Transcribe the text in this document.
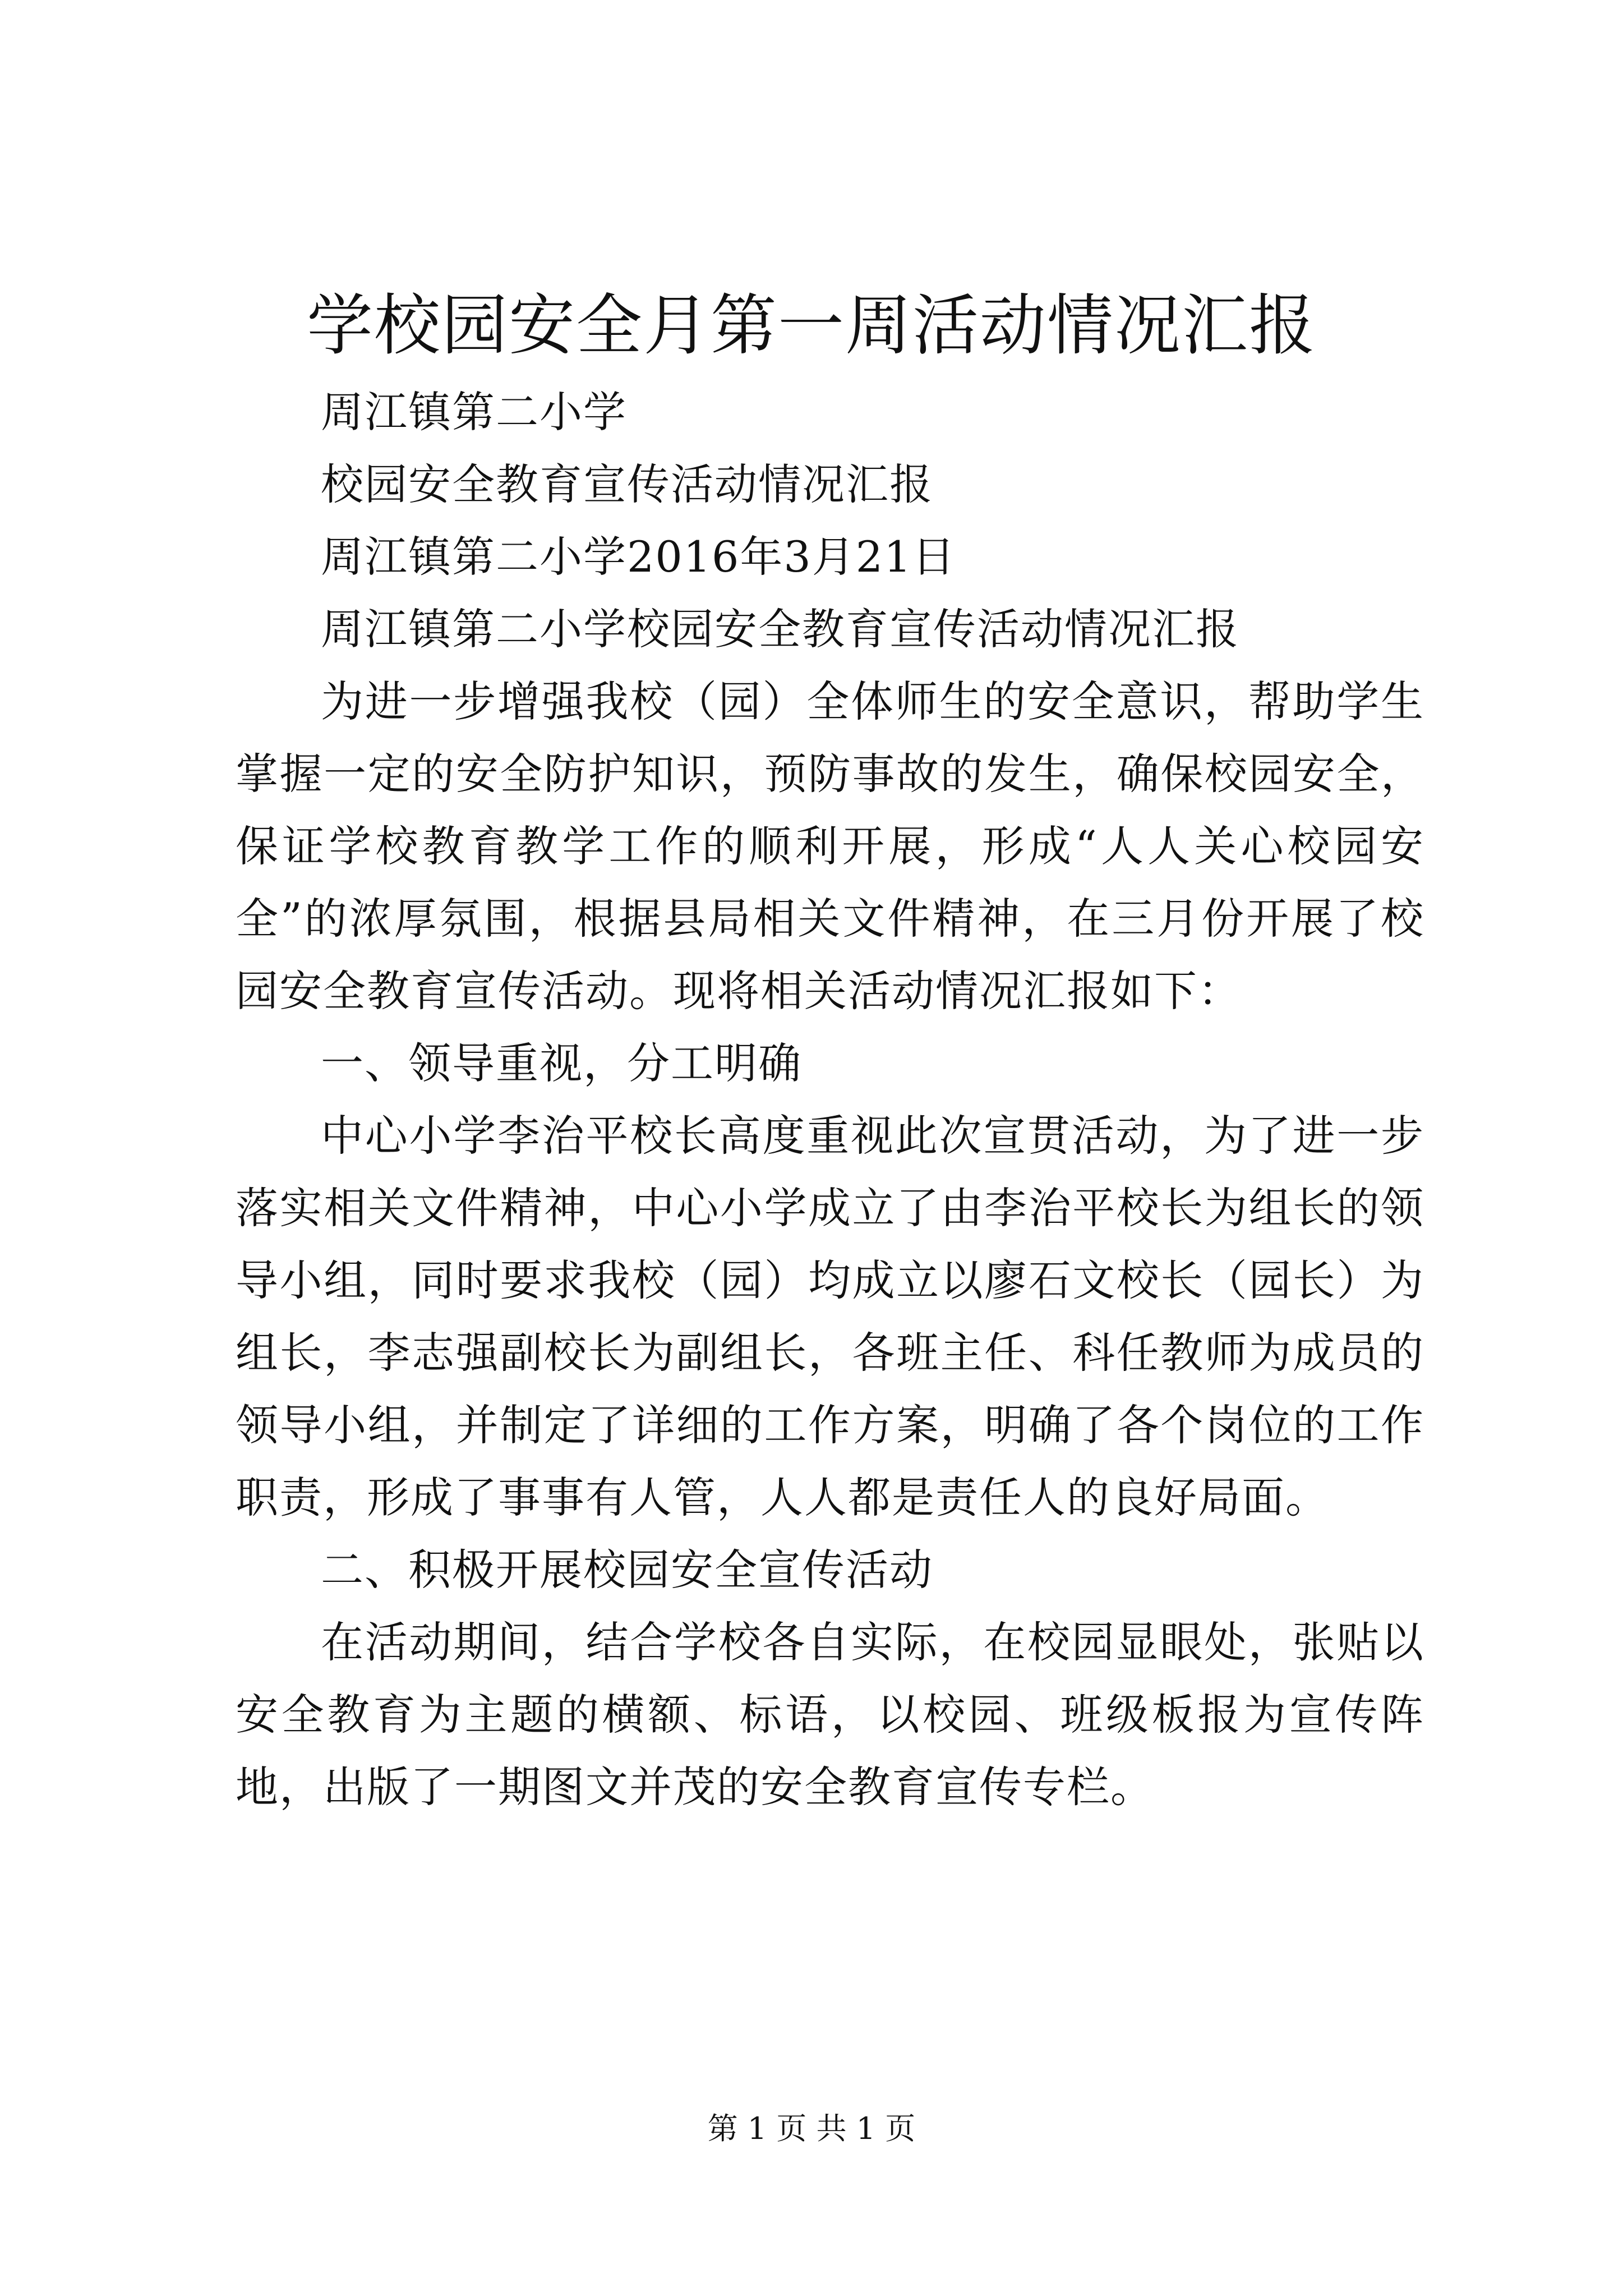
学校园安全月第一周活动情况汇报

周江镇第二小学

校园安全教育宣传活动情况汇报

周江镇第二小学2016年3月21日

周江镇第二小学校园安全教育宣传活动情况汇报

为进一步增强我校（园）全体师生的安全意识，帮助学生掌握一定的安全防护知识，预防事故的发生，确保校园安全，保证学校教育教学工作的顺利开展，形成“人人关心校园安全”的浓厚氛围，根据县局相关文件精神，在三月份开展了校园安全教育宣传活动。现将相关活动情况汇报如下：

一、领导重视，分工明确

中心小学李治平校长高度重视此次宣贯活动，为了进一步落实相关文件精神，中心小学成立了由李治平校长为组长的领导小组，同时要求我校（园）均成立以廖石文校长（园长）为组长，李志强副校长为副组长，各班主任、科任教师为成员的领导小组，并制定了详细的工作方案，明确了各个岗位的工作职责，形成了事事有人管，人人都是责任人的良好局面。

二、积极开展校园安全宣传活动

在活动期间，结合学校各自实际，在校园显眼处，张贴以安全教育为主题的横额、标语，以校园、班级板报为宣传阵地，出版了一期图文并茂的安全教育宣传专栏。

第 1 页 共 1 页
